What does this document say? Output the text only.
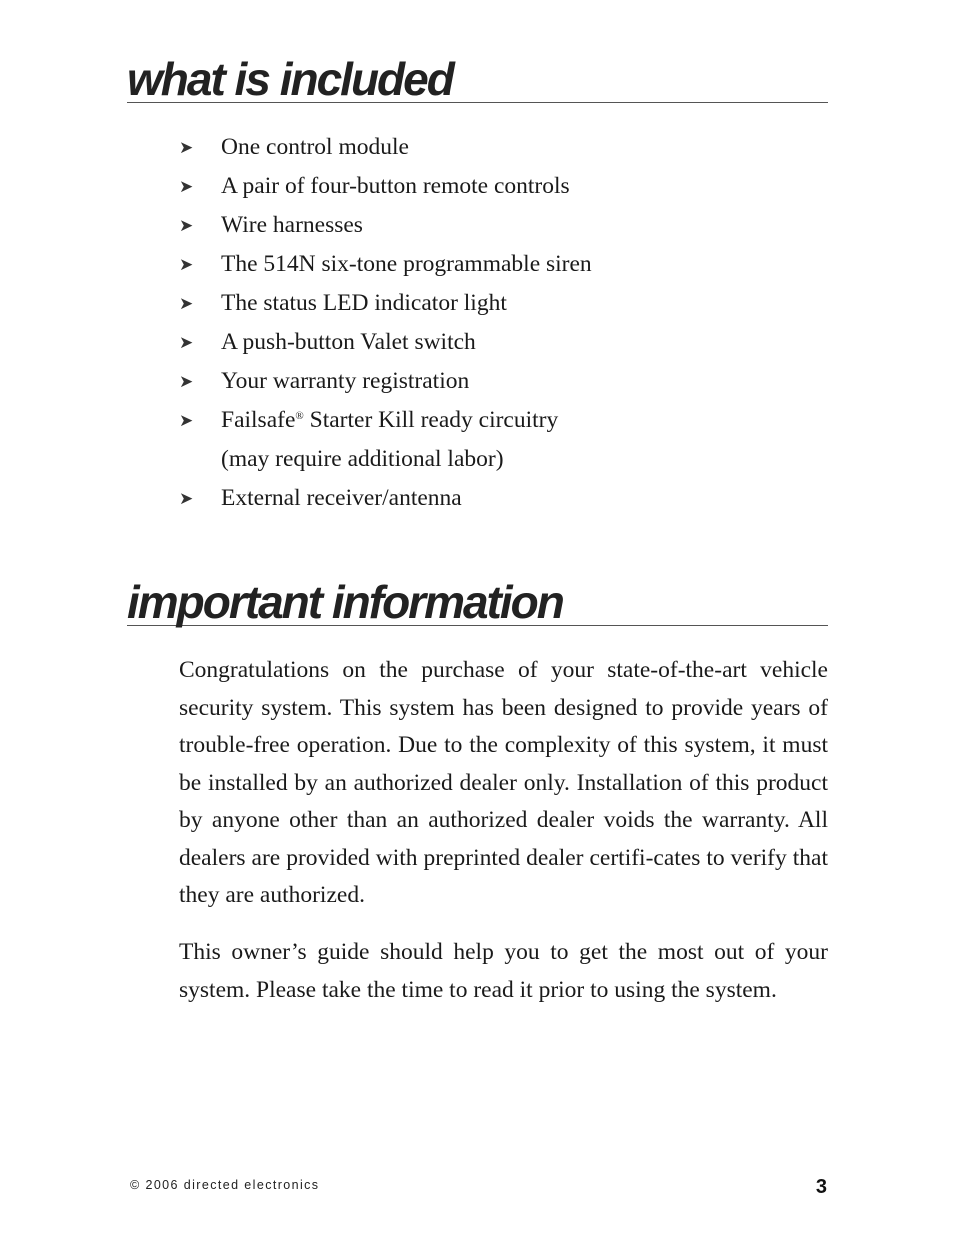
what is included
➤ One control module
➤ A pair of four-button remote controls
➤ Wire harnesses
➤ The 514N six-tone programmable siren
➤ The status LED indicator light
➤ A push-button Valet switch
➤ Your warranty registration
➤ Failsafe® Starter Kill ready circuitry
(may require additional labor)
➤ External receiver/antenna
important information

Congratulations on the purchase of your state-of-the-art vehicle security system. This system has been designed to provide years of trouble-free operation. Due to the complexity of this system, it must be installed by an authorized dealer only. Installation of this product by anyone other than an authorized dealer voids the warranty. All dealers are provided with preprinted dealer certifi-cates to verify that they are authorized.

This owner’s guide should help you to get the most out of your system. Please take the time to read it prior to using the system.

© 2006 directed electronics	3
